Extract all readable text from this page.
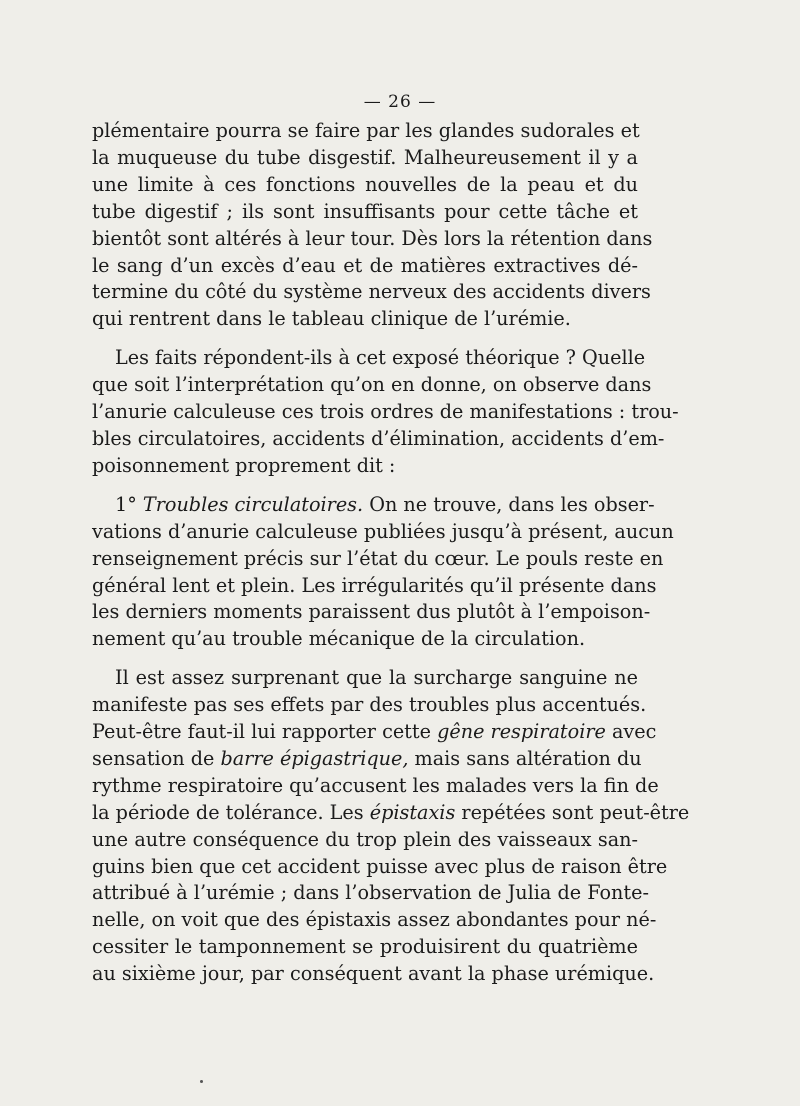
— 26 —
plémentaire pourra se faire par les glandes sudorales et
la muqueuse du tube disgestif. Malheureusement il y a
une limite à ces fonctions nouvelles de la peau et du
tube digestif ; ils sont insuffisants pour cette tâche et
bientôt sont altérés à leur tour. Dès lors la rétention dans
le sang d’un excès d’eau et de matières extractives dé-
termine du côté du système nerveux des accidents divers
qui rentrent dans le tableau clinique de l’urémie.
Les faits répondent-ils à cet exposé théorique ? Quelle
que soit l’interprétation qu’on en donne, on observe dans
l’anurie calculeuse ces trois ordres de manifestations : trou-
bles circulatoires, accidents d’élimination, accidents d’em-
poisonnement proprement dit :
1° Troubles circulatoires. On ne trouve, dans les obser-
vations d’anurie calculeuse publiées jusqu’à présent, aucun
renseignement précis sur l’état du cœur. Le pouls reste en
général lent et plein. Les irrégularités qu’il présente dans
les derniers moments paraissent dus plutôt à l’empoison-
nement qu’au trouble mécanique de la circulation.
Il est assez surprenant que la surcharge sanguine ne
manifeste pas ses effets par des troubles plus accentués.
Peut-être faut-il lui rapporter cette gêne respiratoire avec
sensation de barre épigastrique, mais sans altération du
rythme respiratoire qu’accusent les malades vers la fin de
la période de tolérance. Les épistaxis repétées sont peut-être
une autre conséquence du trop plein des vaisseaux san-
guins bien que cet accident puisse avec plus de raison être
attribué à l’urémie ; dans l’observation de Julia de Fonte-
nelle, on voit que des épistaxis assez abondantes pour né-
cessiter le tamponnement se produisirent du quatrième
au sixième jour, par conséquent avant la phase urémique.
